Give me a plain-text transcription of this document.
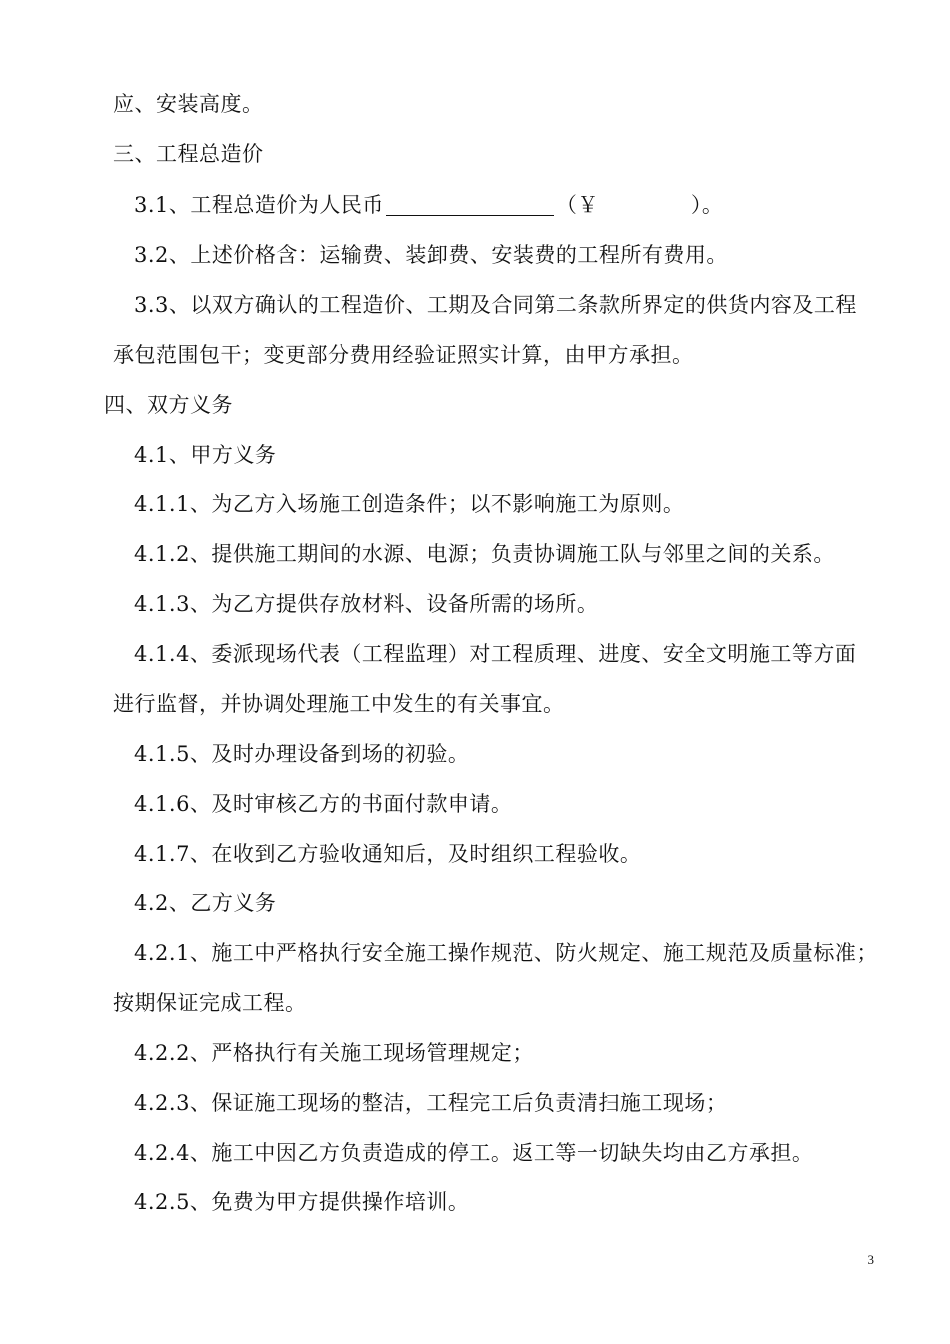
应、安装高度。
三、工程总造价
3.1、工程总造价为人民币	（￥	）。
3.2、上述价格含：运输费、装卸费、安装费的工程所有费用。
3.3、以双方确认的工程造价、工期及合同第二条款所界定的供货内容及工程
承包范围包干；变更部分费用经验证照实计算，由甲方承担。
四、双方义务
4.1、甲方义务
4.1.1、为乙方入场施工创造条件；以不影响施工为原则。
4.1.2、提供施工期间的水源、电源；负责协调施工队与邻里之间的关系。
4.1.3、为乙方提供存放材料、设备所需的场所。
4.1.4、委派现场代表（工程监理）对工程质理、进度、安全文明施工等方面
进行监督，并协调处理施工中发生的有关事宜。
4.1.5、及时办理设备到场的初验。
4.1.6、及时审核乙方的书面付款申请。
4.1.7、在收到乙方验收通知后，及时组织工程验收。
4.2、乙方义务
4.2.1、施工中严格执行安全施工操作规范、防火规定、施工规范及质量标准；
按期保证完成工程。
4.2.2、严格执行有关施工现场管理规定；
4.2.3、保证施工现场的整洁，工程完工后负责清扫施工现场；
4.2.4、施工中因乙方负责造成的停工。返工等一切缺失均由乙方承担。
4.2.5、免费为甲方提供操作培训。
3
